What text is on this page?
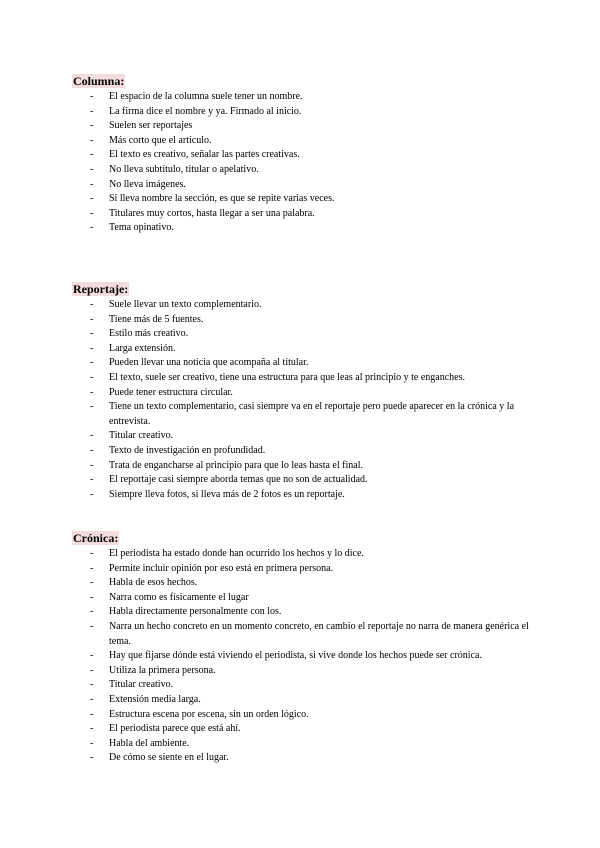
Columna:
- El espacio de la columna suele tener un nombre.
- La firma dice el nombre y ya. Firmado al inicio.
- Suelen ser reportajes
- Más corto que el artículo.
- El texto es creativo, señalar las partes creativas.
- No lleva subtítulo, titular o apelativo.
- No lleva imágenes.
- Si lleva nombre la sección, es que se repite varias veces.
- Titulares muy cortos, hasta llegar a ser una palabra.
- Tema opinativo.
Reportaje:
- Suele llevar un texto complementario.
- Tiene más de 5 fuentes.
- Estilo más creativo.
- Larga extensión.
- Pueden llevar una noticia que acompaña al titular.
- El texto, suele ser creativo, tiene una estructura para que leas al principio y te enganches.
- Puede tener estructura circular.
- Tiene un texto complementario, casi siempre va en el reportaje pero puede aparecer en la crónica y la entrevista.
- Titular creativo.
- Texto de investigación en profundidad.
- Trata de engancharse al principio para que lo leas hasta el final.
- El reportaje casi siempre aborda temas que no son de actualidad.
- Siempre lleva fotos, si lleva más de 2 fotos es un reportaje.
Crónica:
- El periodista ha estado donde han ocurrido los hechos y lo dice.
- Permite incluir opinión por eso está en primera persona.
- Habla de esos hechos.
- Narra como es físicamente el lugar
- Habla directamente personalmente con los.
- Narra un hecho concreto en un momento concreto, en cambio el reportaje no narra de manera genérica el tema.
- Hay que fijarse dónde está viviendo el periodista, si vive donde los hechos puede ser crónica.
- Utiliza la primera persona.
- Titular creativo.
- Extensión media larga.
- Estructura escena por escena, sin un orden lógico.
- El periodista parece que está ahí.
- Habla del ambiente.
- De cómo se siente en el lugar.
